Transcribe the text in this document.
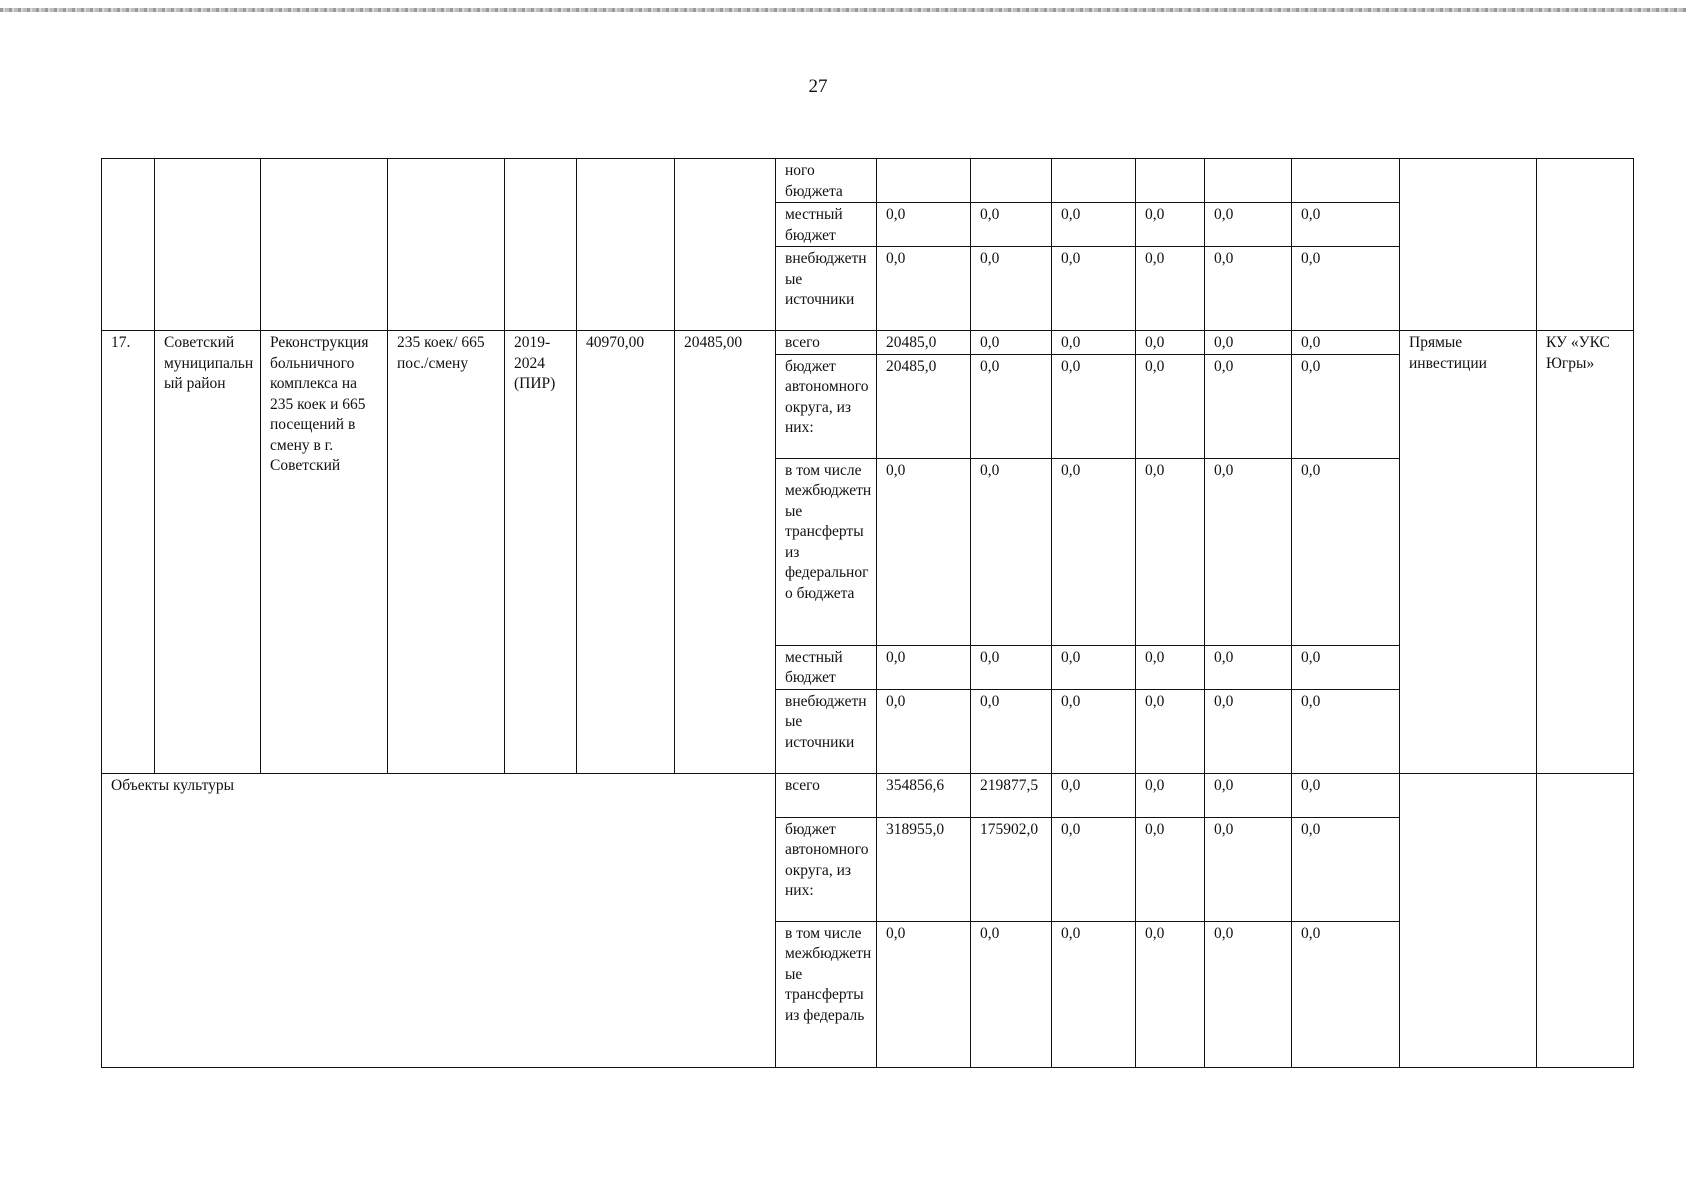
27
							ного бюджета								
							местный бюджет	0,0	0,0	0,0	0,0	0,0	0,0		
							внебюджетные источники	0,0	0,0	0,0	0,0	0,0	0,0		
17.	Советский муниципальный район	Реконструкция больничного комплекса на 235 коек и 665 посещений в смену в г. Советский	235 коек/ 665 пос./смену	2019-2024 (ПИР)	40970,00	20485,00	всего	20485,0	0,0	0,0	0,0	0,0	0,0	Прямые инвестиции	КУ «УКС Югры»
							бюджет автономного округа, из них:	20485,0	0,0	0,0	0,0	0,0	0,0		
							в том числе межбюджетные трансферты из федерального бюджета	0,0	0,0	0,0	0,0	0,0	0,0		
							местный бюджет	0,0	0,0	0,0	0,0	0,0	0,0		
							внебюджетные источники	0,0	0,0	0,0	0,0	0,0	0,0		
Объекты культуры							всего	354856,6	219877,5	0,0	0,0	0,0	0,0		
							бюджет автономного округа, из них:	318955,0	175902,0	0,0	0,0	0,0	0,0		
							в том числе межбюджетные трансферты из федераль	0,0	0,0	0,0	0,0	0,0	0,0		
